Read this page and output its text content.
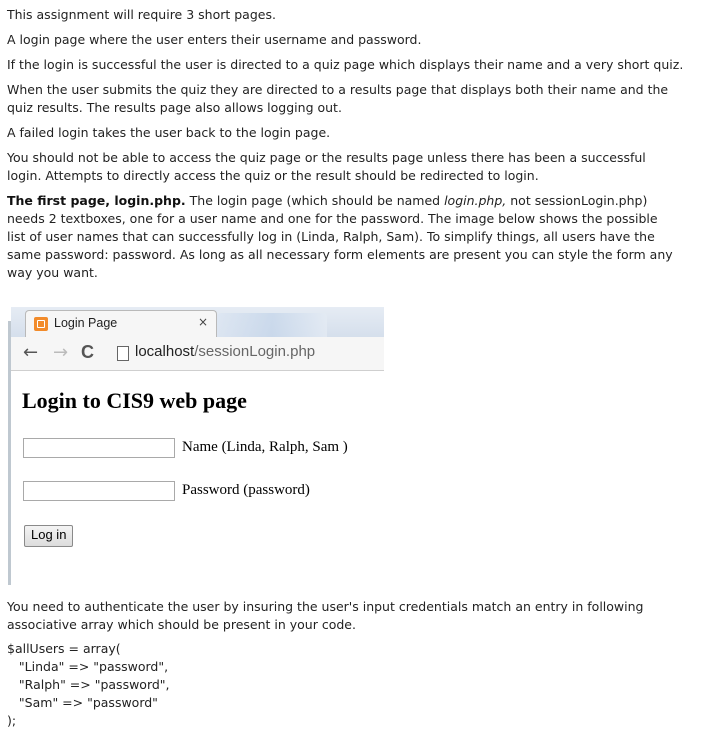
This assignment will require 3 short pages.

A login page where the user enters their username and password.

If the login is successful the user is directed to a quiz page which displays their name and a very short quiz.

When the user submits the quiz they are directed to a results page that displays both their name and the quiz results. The results page also allows logging out.

A failed login takes the user back to the login page.

You should not be able to access the quiz page or the results page unless there has been a successful login. Attempts to directly access the quiz or the result should be redirected to login.

The first page, login.php. The login page (which should be named login.php, not sessionLogin.php) needs 2 textboxes, one for a user name and one for the password. The image below shows the possible list of user names that can successfully log in (Linda, Ralph, Sam). To simplify things, all users have the same password: password. As long as all necessary form elements are present you can style the form any way you want.

Login Page	×
← → C	localhost/sessionLogin.php
Login to CIS9 web page
Name (Linda, Ralph, Sam )
Password (password)
Log in

You need to authenticate the user by insuring the user's input credentials match an entry in following associative array which should be present in your code.

$allUsers = array(
"Linda" => "password",
"Ralph" => "password",
"Sam" => "password"
);
